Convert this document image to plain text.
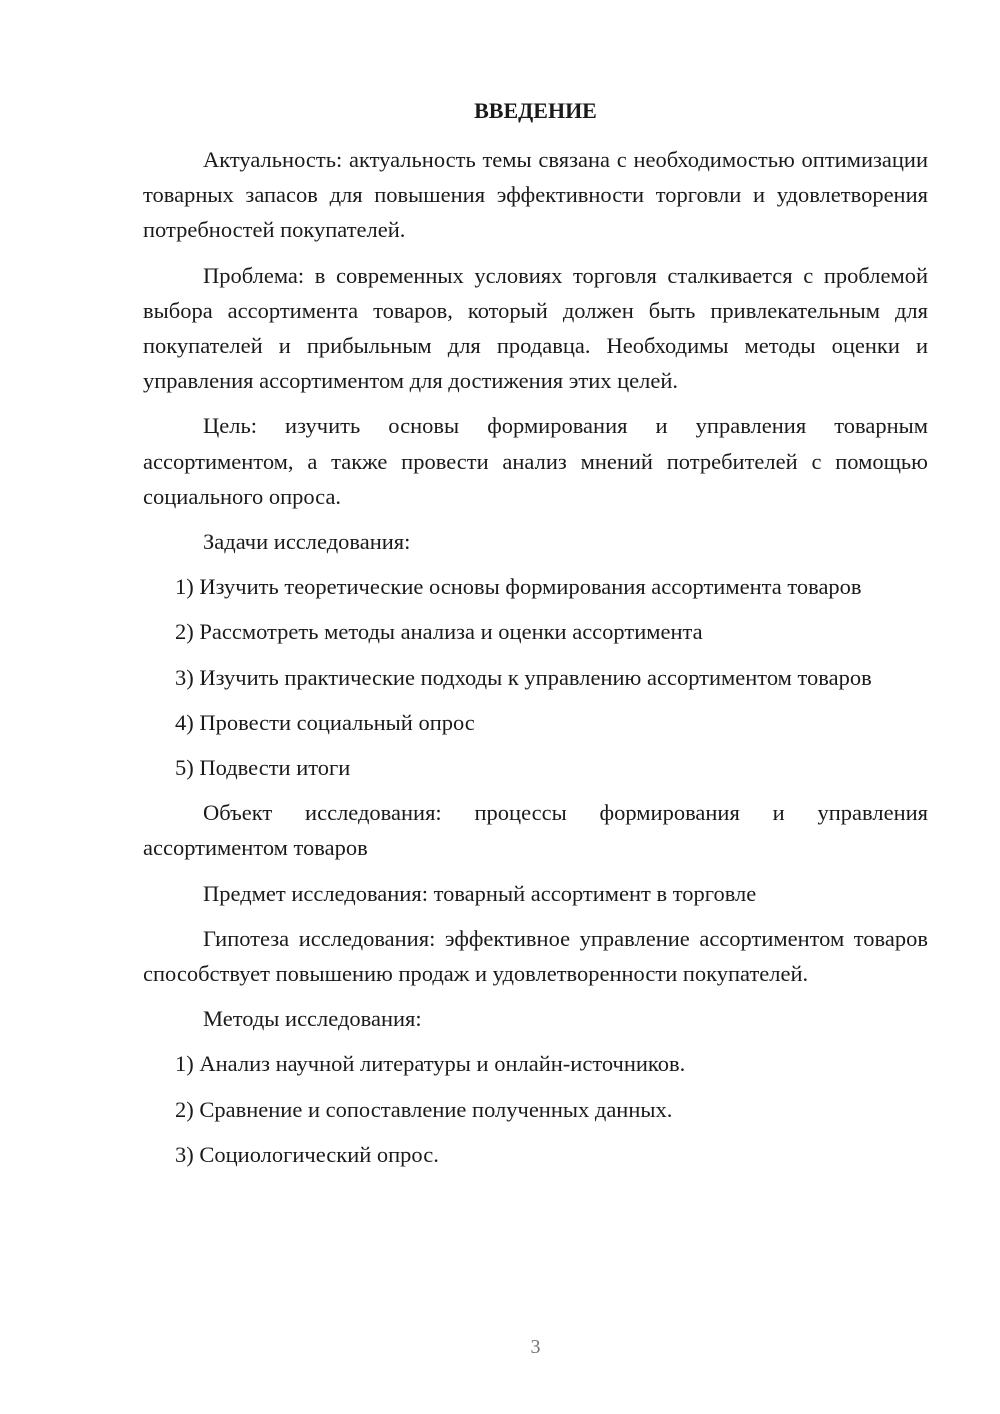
ВВЕДЕНИЕ

Актуальность: актуальность темы связана с необходимостью оптимизации товарных запасов для повышения эффективности торговли и удовлетворения потребностей покупателей.

Проблема: в современных условиях торговля сталкивается с проблемой выбора ассортимента товаров, который должен быть привлекательным для покупателей и прибыльным для продавца. Необходимы методы оценки и управления ассортиментом для достижения этих целей.

Цель: изучить основы формирования и управления товарным ассортиментом, а также провести анализ мнений потребителей с помощью социального опроса.

Задачи исследования:

1) Изучить теоретические основы формирования ассортимента товаров

2) Рассмотреть методы анализа и оценки ассортимента

3) Изучить практические подходы к управлению ассортиментом товаров

4) Провести социальный опрос

5) Подвести итоги

Объект исследования: процессы формирования и управления ассортиментом товаров

Предмет исследования: товарный ассортимент в торговле

Гипотеза исследования: эффективное управление ассортиментом товаров способствует повышению продаж и удовлетворенности покупателей.

Методы исследования:

1) Анализ научной литературы и онлайн-источников.

2) Сравнение и сопоставление полученных данных.

3) Социологический опрос.

3
